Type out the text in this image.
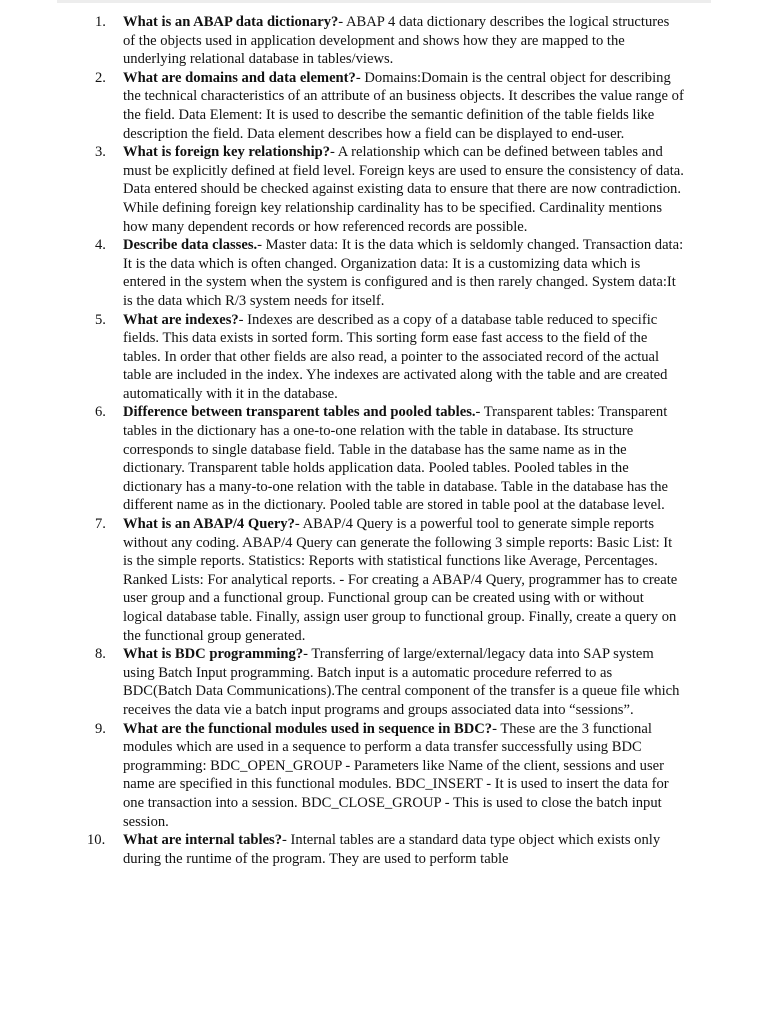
1.	What is an ABAP data dictionary?- ABAP 4 data dictionary describes the logical structures of the objects used in application development and shows how they are mapped to the underlying relational database in tables/views.
2.	What are domains and data element?- Domains:Domain is the central object for describing the technical characteristics of an attribute of an business objects. It describes the value range of the field. Data Element: It is used to describe the semantic definition of the table fields like description the field. Data element describes how a field can be displayed to end-user.
3.	What is foreign key relationship?- A relationship which can be defined between tables and must be explicitly defined at field level. Foreign keys are used to ensure the consistency of data. Data entered should be checked against existing data to ensure that there are now contradiction. While defining foreign key relationship cardinality has to be specified. Cardinality mentions how many dependent records or how referenced records are possible.
4.	Describe data classes.- Master data: It is the data which is seldomly changed. Transaction data: It is the data which is often changed. Organization data: It is a customizing data which is entered in the system when the system is configured and is then rarely changed. System data:It is the data which R/3 system needs for itself.
5.	What are indexes?- Indexes are described as a copy of a database table reduced to specific fields. This data exists in sorted form. This sorting form ease fast access to the field of the tables. In order that other fields are also read, a pointer to the associated record of the actual table are included in the index. Yhe indexes are activated along with the table and are created automatically with it in the database.
6.	Difference between transparent tables and pooled tables.- Transparent tables: Transparent tables in the dictionary has a one-to-one relation with the table in database. Its structure corresponds to single database field. Table in the database has the same name as in the dictionary. Transparent table holds application data. Pooled tables. Pooled tables in the dictionary has a many-to-one relation with the table in database. Table in the database has the different name as in the dictionary. Pooled table are stored in table pool at the database level.
7.	What is an ABAP/4 Query?- ABAP/4 Query is a powerful tool to generate simple reports without any coding. ABAP/4 Query can generate the following 3 simple reports: Basic List: It is the simple reports. Statistics: Reports with statistical functions like Average, Percentages. Ranked Lists: For analytical reports. - For creating a ABAP/4 Query, programmer has to create user group and a functional group. Functional group can be created using with or without logical database table. Finally, assign user group to functional group. Finally, create a query on the functional group generated.
8.	What is BDC programming?- Transferring of large/external/legacy data into SAP system using Batch Input programming. Batch input is a automatic procedure referred to as BDC(Batch Data Communications).The central component of the transfer is a queue file which receives the data vie a batch input programs and groups associated data into “sessions”.
9.	What are the functional modules used in sequence in BDC?- These are the 3 functional modules which are used in a sequence to perform a data transfer successfully using BDC programming: BDC_OPEN_GROUP - Parameters like Name of the client, sessions and user name are specified in this functional modules. BDC_INSERT - It is used to insert the data for one transaction into a session. BDC_CLOSE_GROUP - This is used to close the batch input session.
10.	What are internal tables?- Internal tables are a standard data type object which exists only during the runtime of the program. They are used to perform table
